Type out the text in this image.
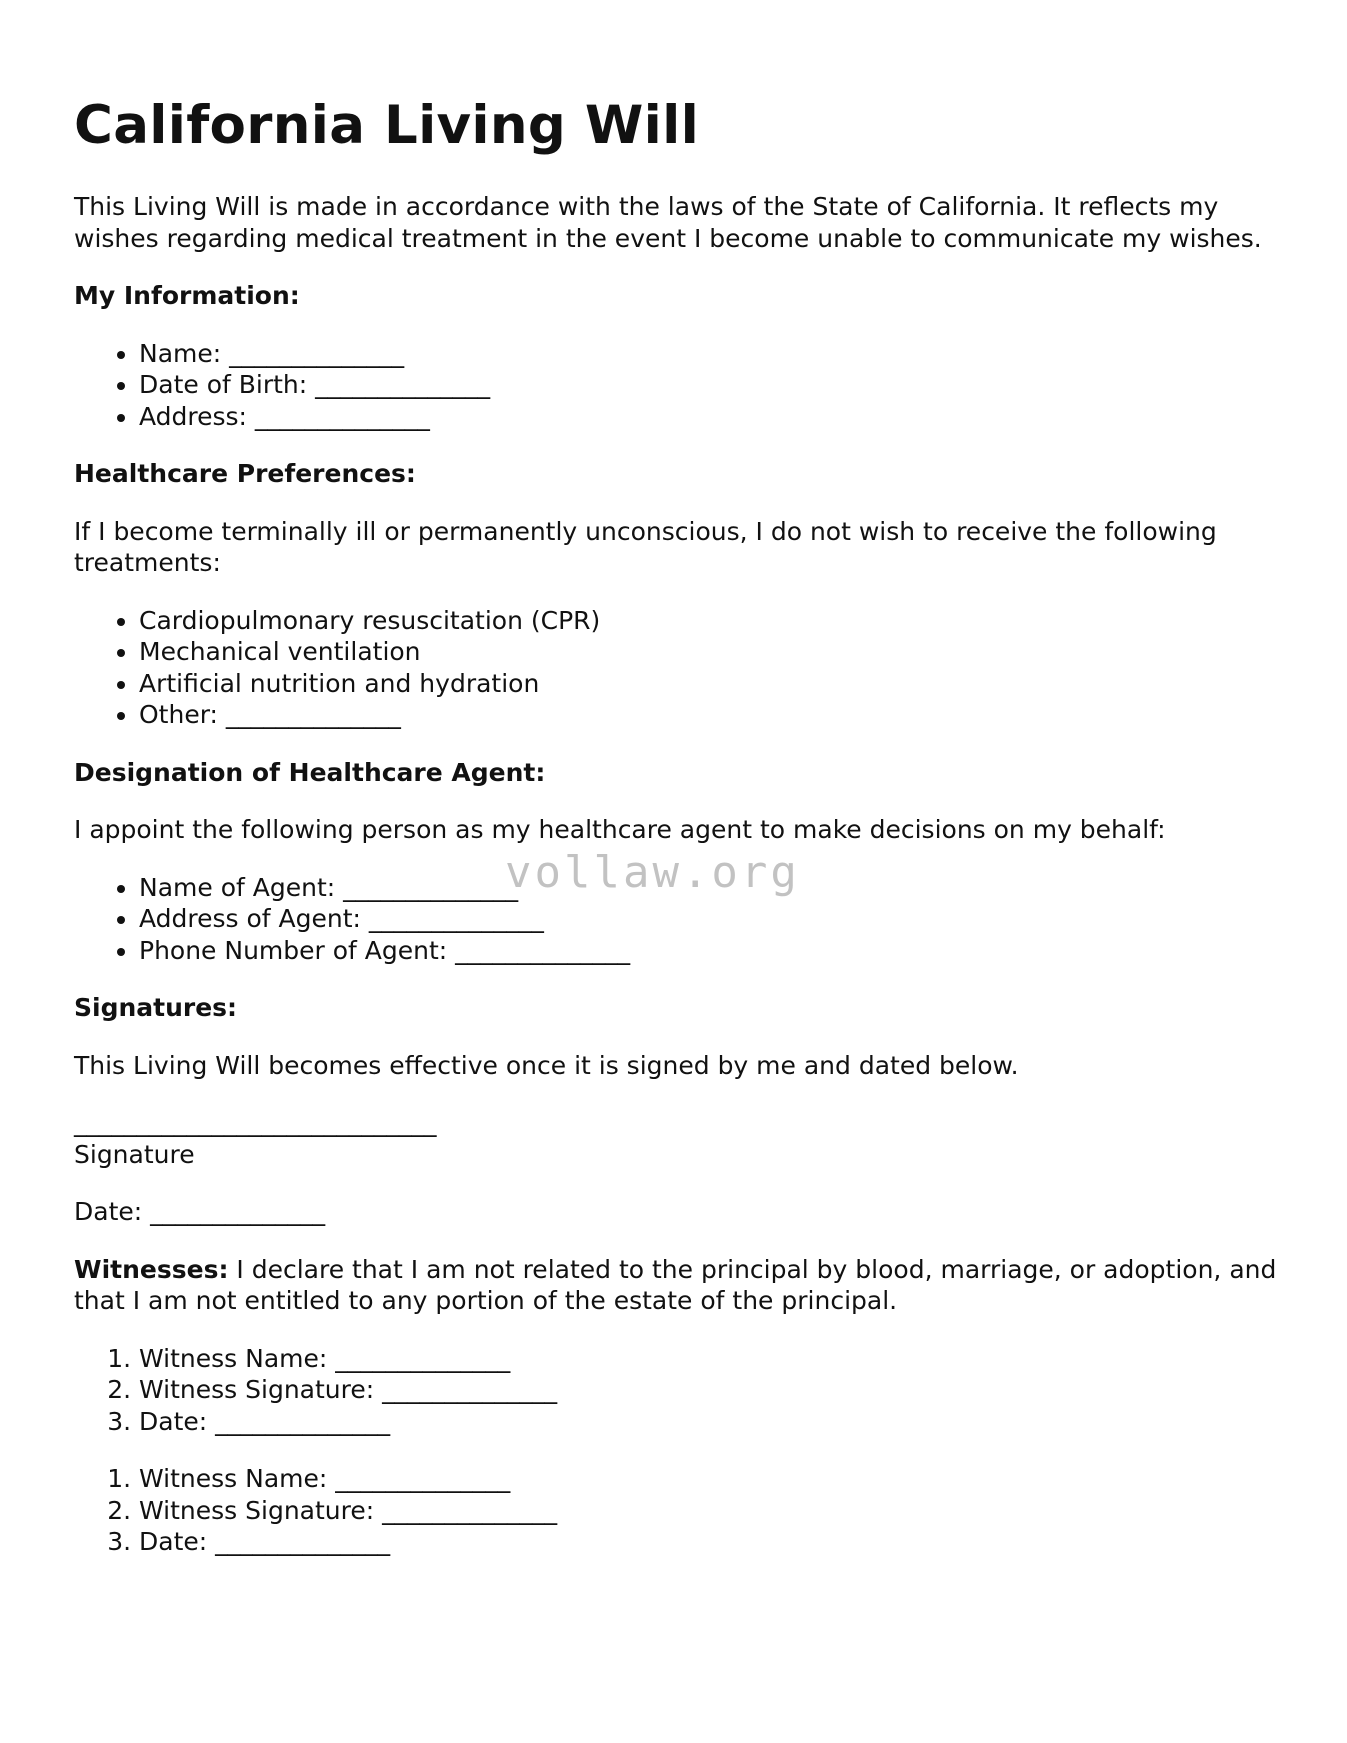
California Living Will

This Living Will is made in accordance with the laws of the State of California. It reflects my wishes regarding medical treatment in the event I become unable to communicate my wishes.

My Information:

• Name: ______________
• Date of Birth: ______________
• Address: ______________

Healthcare Preferences:

If I become terminally ill or permanently unconscious, I do not wish to receive the following treatments:

• Cardiopulmonary resuscitation (CPR)
• Mechanical ventilation
• Artificial nutrition and hydration
• Other: ______________

Designation of Healthcare Agent:

I appoint the following person as my healthcare agent to make decisions on my behalf:

• Name of Agent: ______________
• Address of Agent: ______________
• Phone Number of Agent: ______________

Signatures:

This Living Will becomes effective once it is signed by me and dated below.

_____________________________
Signature

Date: ______________

Witnesses: I declare that I am not related to the principal by blood, marriage, or adoption, and that I am not entitled to any portion of the estate of the principal.

1. Witness Name: ______________
2. Witness Signature: ______________
3. Date: ______________
1. Witness Name: ______________
2. Witness Signature: ______________
3. Date: ______________
vollaw.org
